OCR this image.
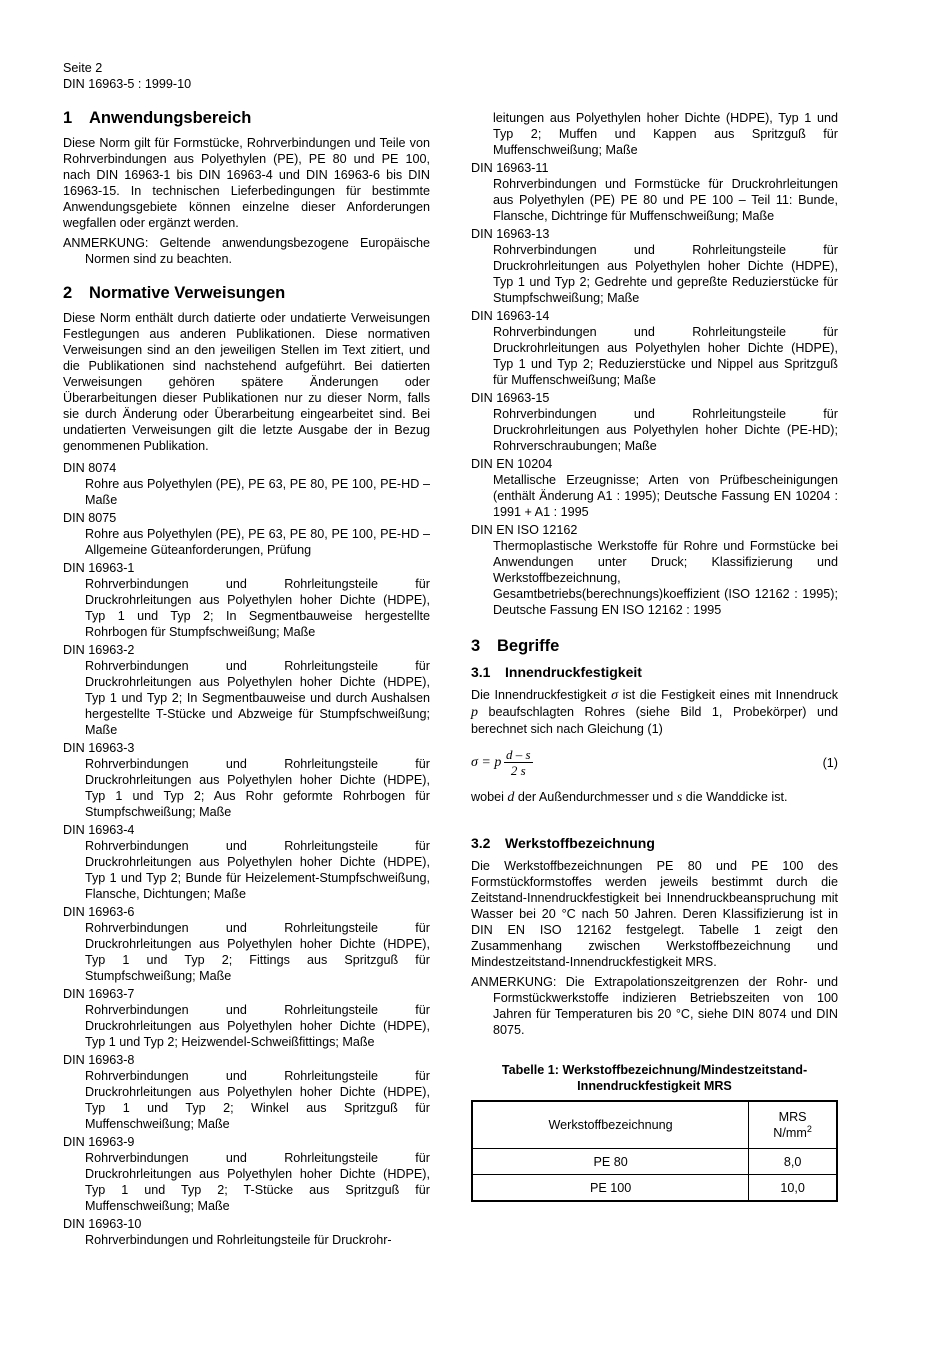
Seite 2
DIN 16963-5 : 1999-10
1 Anwendungsbereich

Diese Norm gilt für Formstücke, Rohrverbindungen und Teile von Rohrverbindungen aus Polyethylen (PE), PE 80 und PE 100, nach DIN 16963-1 bis DIN 16963-4 und DIN 16963-6 bis DIN 16963-15. In technischen Lieferbedingungen für bestimmte Anwendungsgebiete können einzelne dieser Anforderungen wegfallen oder ergänzt werden.

ANMERKUNG: Geltende anwendungsbezogene Europäische Normen sind zu beachten.
2 Normative Verweisungen

Diese Norm enthält durch datierte oder undatierte Verweisungen Festlegungen aus anderen Publikationen. Diese normativen Verweisungen sind an den jeweiligen Stellen im Text zitiert, und die Publikationen sind nachstehend aufgeführt. Bei datierten Verweisungen gehören spätere Änderungen oder Überarbeitungen dieser Publikationen nur zu dieser Norm, falls sie durch Änderung oder Überarbeitung eingearbeitet sind. Bei undatierten Verweisungen gilt die letzte Ausgabe der in Bezug genommenen Publikation.

DIN 8074
Rohre aus Polyethylen (PE), PE 63, PE 80, PE 100, PE-HD – Maße
DIN 8075
Rohre aus Polyethylen (PE), PE 63, PE 80, PE 100, PE-HD – Allgemeine Güteanforderungen, Prüfung
DIN 16963-1
Rohrverbindungen und Rohrleitungsteile für Druckrohrleitungen aus Polyethylen hoher Dichte (HDPE), Typ 1 und Typ 2; In Segmentbauweise hergestellte Rohrbogen für Stumpfschweißung; Maße
DIN 16963-2
Rohrverbindungen und Rohrleitungsteile für Druckrohrleitungen aus Polyethylen hoher Dichte (HDPE), Typ 1 und Typ 2; In Segmentbauweise und durch Aushalsen hergestellte T-Stücke und Abzweige für Stumpfschweißung; Maße
DIN 16963-3
Rohrverbindungen und Rohrleitungsteile für Druckrohrleitungen aus Polyethylen hoher Dichte (HDPE), Typ 1 und Typ 2; Aus Rohr geformte Rohrbogen für Stumpfschweißung; Maße
DIN 16963-4
Rohrverbindungen und Rohrleitungsteile für Druckrohrleitungen aus Polyethylen hoher Dichte (HDPE), Typ 1 und Typ 2; Bunde für Heizelement-Stumpfschweißung, Flansche, Dichtungen; Maße
DIN 16963-6
Rohrverbindungen und Rohrleitungsteile für Druckrohrleitungen aus Polyethylen hoher Dichte (HDPE), Typ 1 und Typ 2; Fittings aus Spritzguß für Stumpfschweißung; Maße
DIN 16963-7
Rohrverbindungen und Rohrleitungsteile für Druckrohrleitungen aus Polyethylen hoher Dichte (HDPE), Typ 1 und Typ 2; Heizwendel-Schweißfittings; Maße
DIN 16963-8
Rohrverbindungen und Rohrleitungsteile für Druckrohrleitungen aus Polyethylen hoher Dichte (HDPE), Typ 1 und Typ 2; Winkel aus Spritzguß für Muffenschweißung; Maße
DIN 16963-9
Rohrverbindungen und Rohrleitungsteile für Druckrohrleitungen aus Polyethylen hoher Dichte (HDPE), Typ 1 und Typ 2; T-Stücke aus Spritzguß für Muffenschweißung; Maße
DIN 16963-10
Rohrverbindungen und Rohrleitungsteile für Druckrohr-
leitungen aus Polyethylen hoher Dichte (HDPE), Typ 1 und Typ 2; Muffen und Kappen aus Spritzguß für Muffenschweißung; Maße
DIN 16963-11
Rohrverbindungen und Formstücke für Druckrohrleitungen aus Polyethylen (PE) PE 80 und PE 100 – Teil 11: Bunde, Flansche, Dichtringe für Muffenschweißung; Maße
DIN 16963-13
Rohrverbindungen und Rohrleitungsteile für Druckrohrleitungen aus Polyethylen hoher Dichte (HDPE), Typ 1 und Typ 2; Gedrehte und gepreßte Reduzierstücke für Stumpfschweißung; Maße
DIN 16963-14
Rohrverbindungen und Rohrleitungsteile für Druckrohrleitungen aus Polyethylen hoher Dichte (HDPE), Typ 1 und Typ 2; Reduzierstücke und Nippel aus Spritzguß für Muffenschweißung; Maße
DIN 16963-15
Rohrverbindungen und Rohrleitungsteile für Druckrohrleitungen aus Polyethylen hoher Dichte (PE-HD); Rohrverschraubungen; Maße
DIN EN 10204
Metallische Erzeugnisse; Arten von Prüfbescheinigungen (enthält Änderung A1 : 1995); Deutsche Fassung EN 10204 : 1991 + A1 : 1995
DIN EN ISO 12162
Thermoplastische Werkstoffe für Rohre und Formstücke bei Anwendungen unter Druck; Klassifizierung und Werkstoffbezeichnung, Gesamtbetriebs(berechnungs)koeffizient (ISO 12162 : 1995); Deutsche Fassung EN ISO 12162 : 1995
3 Begriffe
3.1 Innendruckfestigkeit

Die Innendruckfestigkeit σ ist die Festigkeit eines mit Innendruck p beaufschlagten Rohres (siehe Bild 1, Probekörper) und berechnet sich nach Gleichung (1)

σ = p $\frac{d - s}{2 s}$	(1)

wobei d der Außendurchmesser und s die Wanddicke ist.

3.2 Werkstoffbezeichnung

Die Werkstoffbezeichnungen PE 80 und PE 100 des Formstückformstoffes werden jeweils bestimmt durch die Zeitstand-Innendruckfestigkeit bei Innendruckbeanspruchung mit Wasser bei 20 °C nach 50 Jahren. Deren Klassifizierung ist in DIN EN ISO 12162 festgelegt. Tabelle 1 zeigt den Zusammenhang zwischen Werkstoffbezeichnung und Mindestzeitstand-Innendruckfestigkeit MRS.

ANMERKUNG: Die Extrapolationszeitgrenzen der Rohr- und Formstückwerkstoffe indizieren Betriebszeiten von 100 Jahren für Temperaturen bis 20 °C, siehe DIN 8074 und DIN 8075.
Tabelle 1: Werkstoffbezeichnung/Mindestzeitstand-
Innendruckfestigkeit MRS
Werkstoffbezeichnung	MRS
$N/mm^2$
PE 80	8,0
PE 100	10,0
